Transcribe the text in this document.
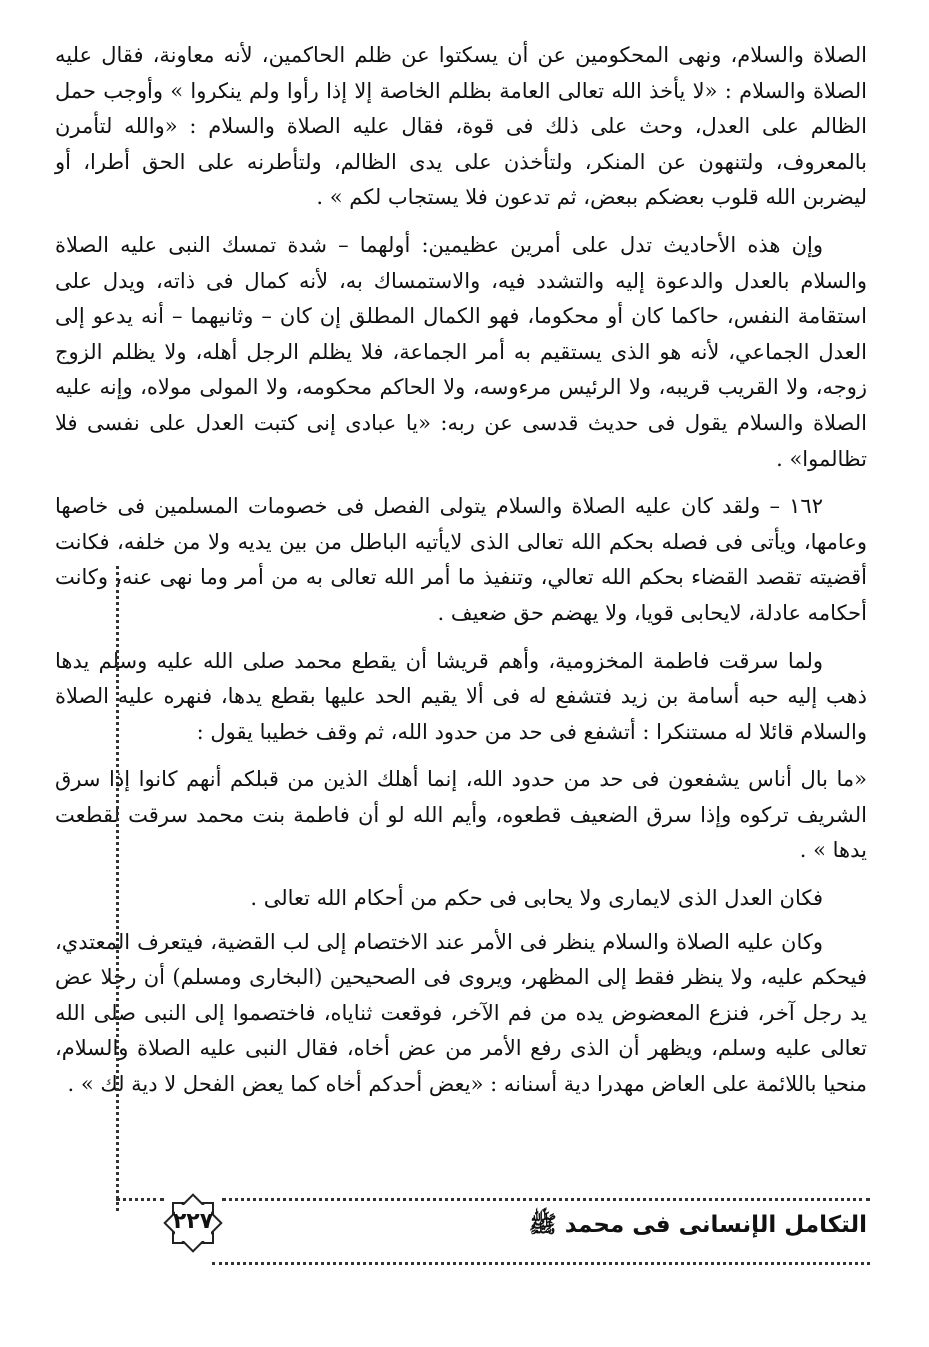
الصلاة والسلام، ونهى المحكومين عن أن يسكتوا عن ظلم الحاكمين، لأنه معاونة، فقال عليه الصلاة والسلام : «لا يأخذ الله تعالى العامة بظلم الخاصة إلا إذا رأوا ولم ينكروا » وأوجب حمل الظالم على العدل، وحث على ذلك فى قوة، فقال عليه الصلاة والسلام : «والله لتأمرن بالمعروف، ولتنهون عن المنكر، ولتأخذن على يدى الظالم، ولتأطرنه على الحق أطرا، أو ليضربن الله قلوب بعضكم ببعض، ثم تدعون فلا يستجاب لكم » .

وإن هذه الأحاديث تدل على أمرين عظيمين: أولهما – شدة تمسك النبى عليه الصلاة والسلام بالعدل والدعوة إليه والتشدد فيه، والاستمساك به، لأنه كمال فى ذاته، ويدل على استقامة النفس، حاكما كان أو محكوما، فهو الكمال المطلق إن كان – وثانيهما – أنه يدعو إلى العدل الجماعي، لأنه هو الذى يستقيم به أمر الجماعة، فلا يظلم الرجل أهله، ولا يظلم الزوج زوجه، ولا القريب قريبه، ولا الرئيس مرءوسه، ولا الحاكم محكومه، ولا المولى مولاه، وإنه عليه الصلاة والسلام يقول فى حديث قدسى عن ربه: «يا عبادى إنى كتبت العدل على نفسى فلا تظالموا» .

١٦٢ – ولقد كان عليه الصلاة والسلام يتولى الفصل فى خصومات المسلمين فى خاصها وعامها، ويأتى فى فصله بحكم الله تعالى الذى لايأتيه الباطل من بين يديه ولا من خلفه، فكانت أقضيته تقصد القضاء بحكم الله تعالي، وتنفيذ ما أمر الله تعالى به من أمر وما نهى عنه، وكانت أحكامه عادلة، لايحابى قويا، ولا يهضم حق ضعيف .

ولما سرقت فاطمة المخزومية، وأهم قريشا أن يقطع محمد صلى الله عليه وسلم يدها ذهب إليه حبه أسامة بن زيد فتشفع له فى ألا يقيم الحد عليها بقطع يدها، فنهره عليه الصلاة والسلام قائلا له مستنكرا : أتشفع فى حد من حدود الله، ثم وقف خطيبا يقول :

«ما بال أناس يشفعون فى حد من حدود الله، إنما أهلك الذين من قبلكم أنهم كانوا إذا سرق الشريف تركوه وإذا سرق الضعيف قطعوه، وأيم الله لو أن فاطمة بنت محمد سرقت لقطعت يدها » .

فكان العدل الذى لايمارى ولا يحابى فى حكم من أحكام الله تعالى .

وكان عليه الصلاة والسلام ينظر فى الأمر عند الاختصام إلى لب القضية، فيتعرف المعتدي، فيحكم عليه، ولا ينظر فقط إلى المظهر، ويروى فى الصحيحين (البخارى ومسلم) أن رجلا عض يد رجل آخر، فنزع المعضوض يده من فم الآخر، فوقعت ثناياه، فاختصموا إلى النبى صلى الله تعالى عليه وسلم، ويظهر أن الذى رفع الأمر من عض أخاه، فقال النبى عليه الصلاة والسلام، منحيا باللائمة على العاض مهدرا دية أسنانه : «يعض أحدكم أخاه كما يعض الفحل لا دية لك » .

٢٢٧	التكامل الإنسانى فى محمد ﷺ
